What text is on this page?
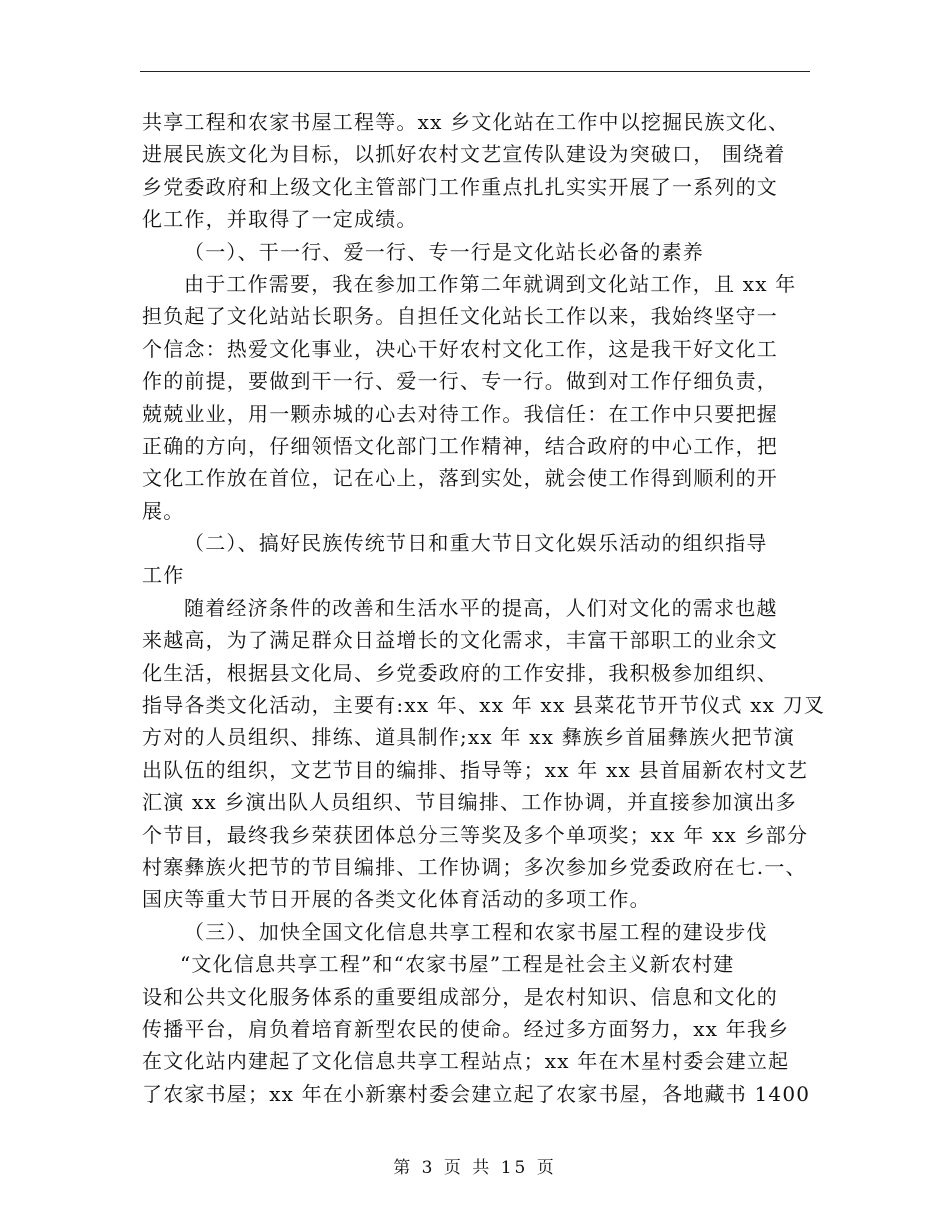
共享工程和农家书屋工程等。xx 乡文化站在工作中以挖掘民族文化、
进展民族文化为目标，以抓好农村文艺宣传队建设为突破口， 围绕着
乡党委政府和上级文化主管部门工作重点扎扎实实开展了一系列的文
化工作，并取得了一定成绩。
（一）、干一行、爱一行、专一行是文化站长必备的素养
由于工作需要，我在参加工作第二年就调到文化站工作，且 xx 年
担负起了文化站站长职务。自担任文化站长工作以来，我始终坚守一
个信念：热爱文化事业，决心干好农村文化工作，这是我干好文化工
作的前提，要做到干一行、爱一行、专一行。做到对工作仔细负责，
兢兢业业，用一颗赤城的心去对待工作。我信任：在工作中只要把握
正确的方向，仔细领悟文化部门工作精神，结合政府的中心工作，把
文化工作放在首位，记在心上，落到实处，就会使工作得到顺利的开
展。
（二）、搞好民族传统节日和重大节日文化娱乐活动的组织指导
工作
随着经济条件的改善和生活水平的提高，人们对文化的需求也越
来越高，为了满足群众日益增长的文化需求，丰富干部职工的业余文
化生活，根据县文化局、乡党委政府的工作安排，我积极参加组织、
指导各类文化活动，主要有:xx 年、xx 年 xx 县菜花节开节仪式 xx 刀叉
方对的人员组织、排练、道具制作;xx 年 xx 彝族乡首届彝族火把节演
出队伍的组织，文艺节目的编排、指导等；xx 年 xx 县首届新农村文艺
汇演 xx 乡演出队人员组织、节目编排、工作协调，并直接参加演出多
个节目，最终我乡荣获团体总分三等奖及多个单项奖；xx 年 xx 乡部分
村寨彝族火把节的节目编排、工作协调；多次参加乡党委政府在七.一、
国庆等重大节日开展的各类文化体育活动的多项工作。
（三）、加快全国文化信息共享工程和农家书屋工程的建设步伐
“文化信息共享工程”和“农家书屋”工程是社会主义新农村建
设和公共文化服务体系的重要组成部分，是农村知识、信息和文化的
传播平台，肩负着培育新型农民的使命。经过多方面努力，xx 年我乡
在文化站内建起了文化信息共享工程站点；xx 年在木星村委会建立起
了农家书屋；xx 年在小新寨村委会建立起了农家书屋，各地藏书 1400
第 3 页 共 15 页
